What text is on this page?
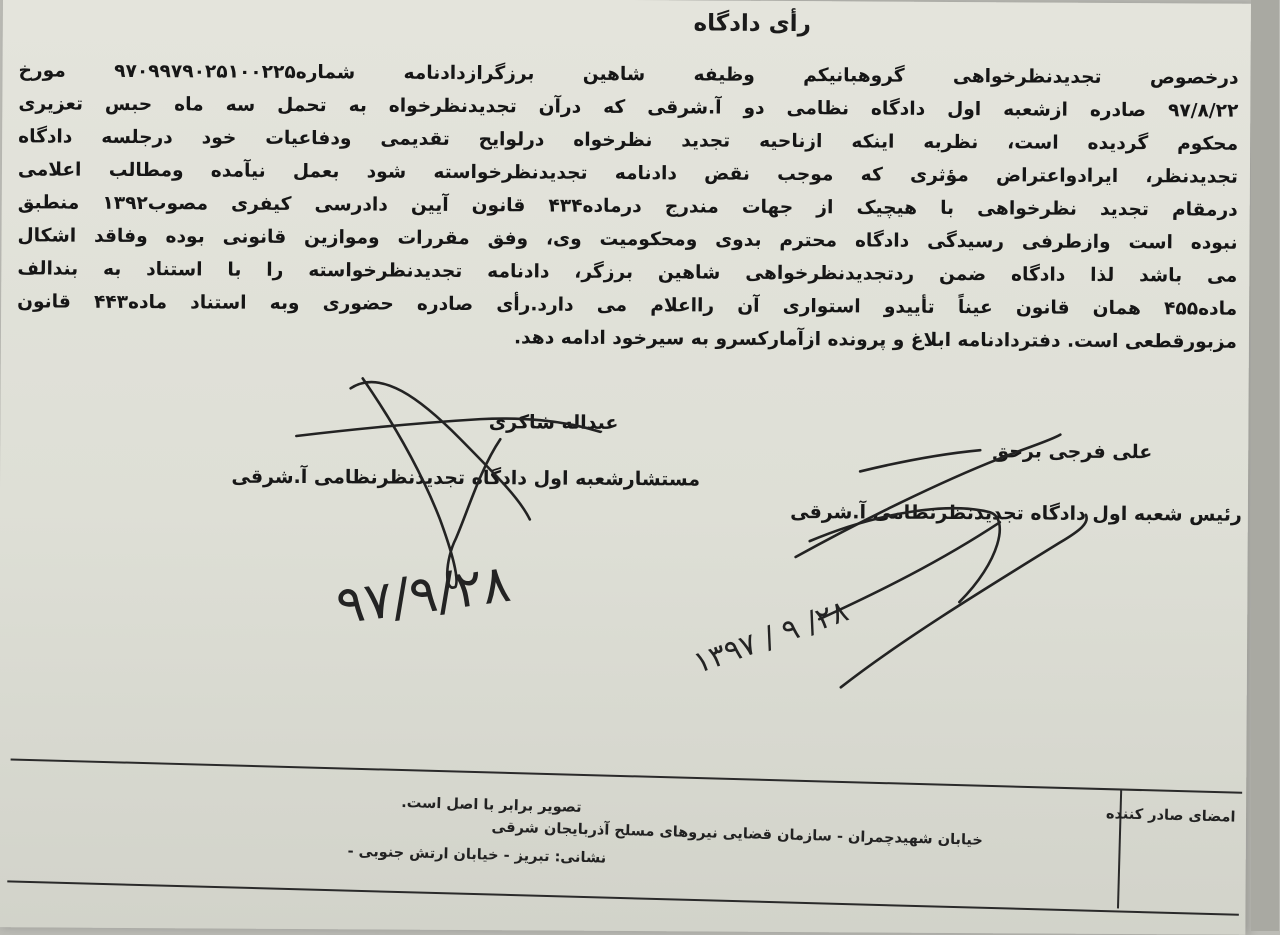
رأی دادگاه
درخصوص تجدیدنظرخواهی گروهبانیکم وظیفه شاهین برزگرازدادنامه شماره۹۷۰۹۹۷۹۰۲۵۱۰۰۲۲۵ مورخ
۹۷/۸/۲۲ صادره ازشعبه اول دادگاه نظامی دو آ.شرقی که درآن تجدیدنظرخواه به تحمل سه ماه حبس تعزیری
محکوم گردیده است، نظربه اینکه ازناحیه تجدید نظرخواه درلوایح تقدیمی ودفاعیات خود درجلسه دادگاه
تجدیدنظر، ایرادواعتراض مؤثری که موجب نقض دادنامه تجدیدنظرخواسته شود بعمل نیآمده ومطالب اعلامی
درمقام تجدید نظرخواهی با هیچیک از جهات مندرج درماده۴۳۴ قانون آیین دادرسی کیفری مصوب۱۳۹۲ منطبق
نبوده است وازطرفی رسیدگی دادگاه محترم بدوی ومحکومیت وی، وفق مقررات وموازین قانونی بوده وفاقد اشکال
می باشد لذا دادگاه ضمن ردتجدیدنظرخواهی شاهین برزگر، دادنامه تجدیدنظرخواسته را با استناد به بندالف
ماده۴۵۵ همان قانون عیناً تأییدو استواری آن رااعلام می دارد.رأی صادره حضوری وبه استناد ماده۴۴۳ قانون
مزبورقطعی است. دفتردادنامه ابلاغ و پرونده ازآمارکسرو به سیرخود ادامه دهد.
عبداله شاکری
علی فرجی برحق
مستشارشعبه اول دادگاه تجدیدنظرنظامی آ.شرقی
رئیس شعبه اول دادگاه تجدیدنظرنظامی آ.شرقی
۹۷/۹/۲۸
۲۸/ ۹ / ۱۳۹۷
امضای صادر کننده
تصویر برابر با اصل است.
خیابان شهیدچمران - سازمان قضایی نیروهای مسلح آذربایجان شرقی
نشانی: تبریز - خیابان ارتش جنوبی -
